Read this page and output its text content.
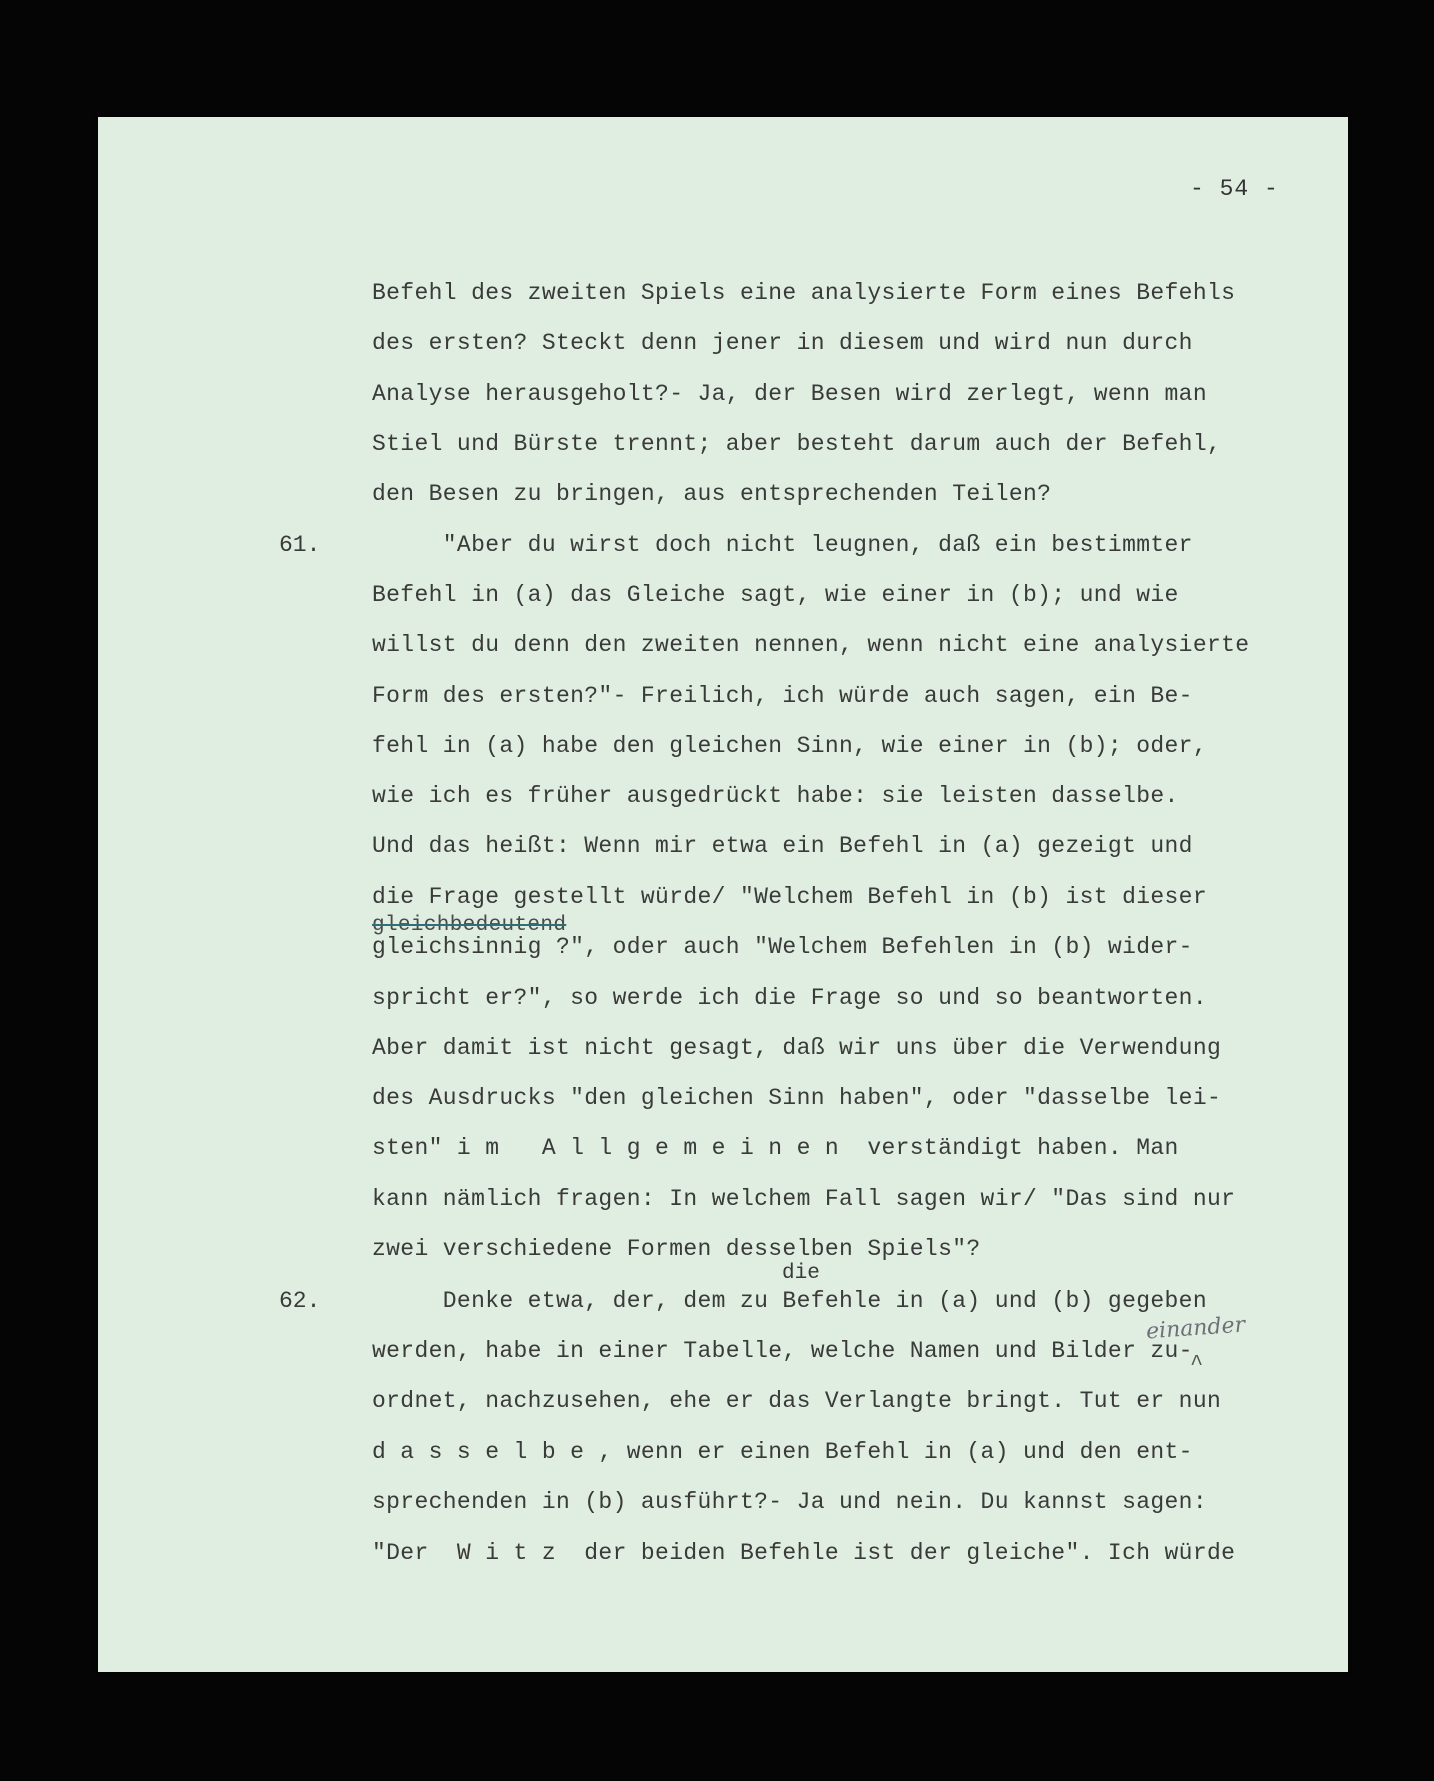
- 54 -
Befehl des zweiten Spiels eine analysierte Form eines Befehls
des ersten? Steckt denn jener in diesem und wird nun durch
Analyse herausgeholt?- Ja, der Besen wird zerlegt, wenn man
Stiel und Bürste trennt; aber besteht darum auch der Befehl,
den Besen zu bringen, aus entsprechenden Teilen?
"Aber du wirst doch nicht leugnen, daß ein bestimmter
Befehl in (a) das Gleiche sagt, wie einer in (b); und wie
willst du denn den zweiten nennen, wenn nicht eine analysierte
Form des ersten?"- Freilich, ich würde auch sagen, ein Be-
fehl in (a) habe den gleichen Sinn, wie einer in (b); oder,
wie ich es früher ausgedrückt habe: sie leisten dasselbe.
Und das heißt: Wenn mir etwa ein Befehl in (a) gezeigt und
die Frage gestellt würde/ "Welchem Befehl in (b) ist dieser
gleichsinnig ?", oder auch "Welchem Befehlen in (b) wider-
spricht er?", so werde ich die Frage so und so beantworten.
Aber damit ist nicht gesagt, daß wir uns über die Verwendung
des Ausdrucks "den gleichen Sinn haben", oder "dasselbe lei-
sten" i m   A l l g e m e i n e n  verständigt haben. Man
kann nämlich fragen: In welchem Fall sagen wir/ "Das sind nur
zwei verschiedene Formen desselben Spiels"?
Denke etwa, der, dem zu Befehle in (a) und (b) gegeben
werden, habe in einer Tabelle, welche Namen und Bilder zu-
ordnet, nachzusehen, ehe er das Verlangte bringt. Tut er nun
d a s s e l b e , wenn er einen Befehl in (a) und den ent-
sprechenden in (b) ausführt?- Ja und nein. Du kannst sagen:
"Der  W i t z  der beiden Befehle ist der gleiche". Ich würde
61.
62.
gleichbedeutend
die
einander
^
